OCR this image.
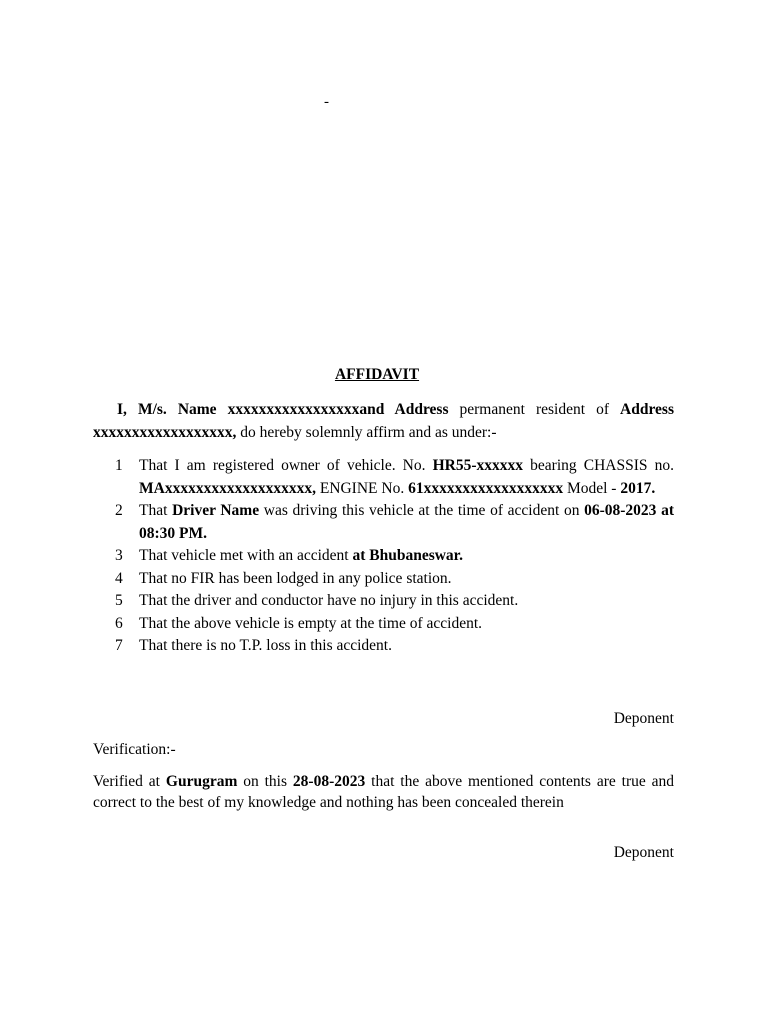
-
AFFIDAVIT
I, M/s. Name xxxxxxxxxxxxxxxxxand Address permanent resident of Address xxxxxxxxxxxxxxxxxx, do hereby solemnly affirm and as under:-
1 That I am registered owner of vehicle. No. HR55-xxxxxx bearing CHASSIS no. MAxxxxxxxxxxxxxxxxxxx, ENGINE No. 61xxxxxxxxxxxxxxxxxx Model - 2017.
2 That Driver Name was driving this vehicle at the time of accident on 06-08-2023 at 08:30 PM.
3 That vehicle met with an accident at Bhubaneswar.
4 That no FIR has been lodged in any police station.
5 That the driver and conductor have no injury in this accident.
6 That the above vehicle is empty at the time of accident.
7 That there is no T.P. loss in this accident.
Deponent
Verification:-
Verified at Gurugram on this 28-08-2023 that the above mentioned contents are true and correct to the best of my knowledge and nothing has been concealed therein
Deponent
